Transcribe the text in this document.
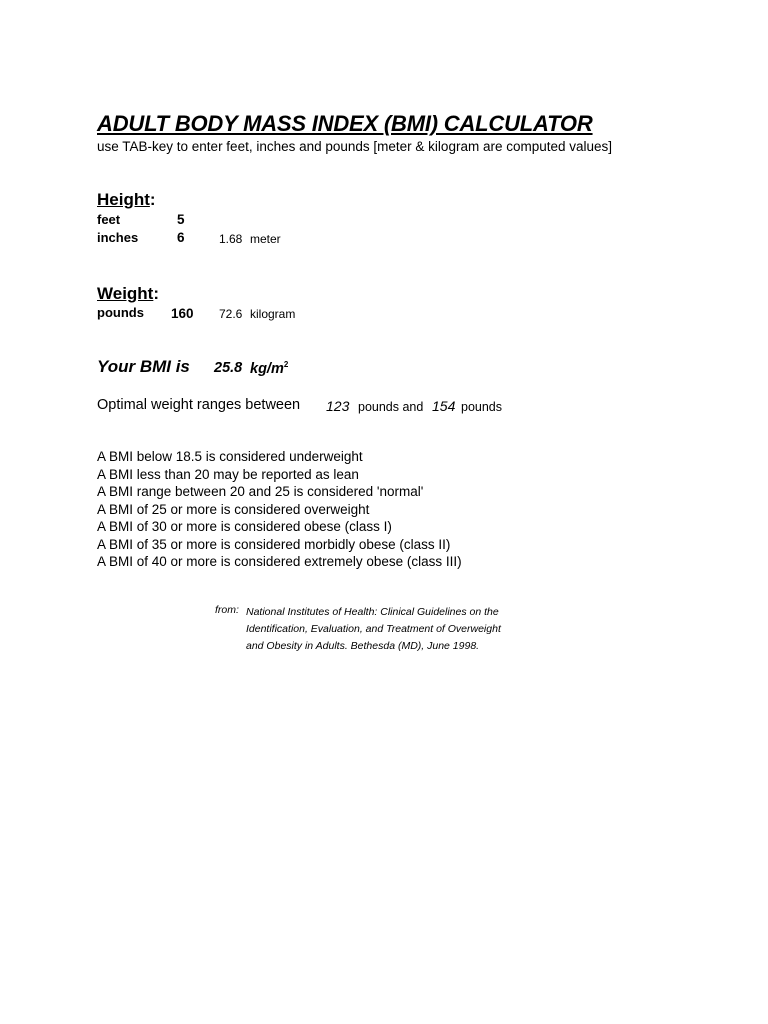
ADULT BODY MASS INDEX (BMI) CALCULATOR
use TAB-key to enter feet, inches and pounds [meter & kilogram are computed values]
Height:
feet	5
inches	6	1.68 meter
Weight:
pounds 160 72.6 kilogram
Your BMI is 25.8 $kg/m^2$
Optimal weight ranges between 123 pounds and 154 pounds
A BMI below 18.5 is considered underweight
A BMI less than 20 may be reported as lean
A BMI range between 20 and 25 is considered 'normal'
A BMI of 25 or more is considered overweight
A BMI of 30 or more is considered obese (class I)
A BMI of 35 or more is considered morbidly obese (class II)
A BMI of 40 or more is considered extremely obese (class III)
from: National Institutes of Health: Clinical Guidelines on the
Identification, Evaluation, and Treatment of Overweight
and Obesity in Adults. Bethesda (MD), June 1998.
